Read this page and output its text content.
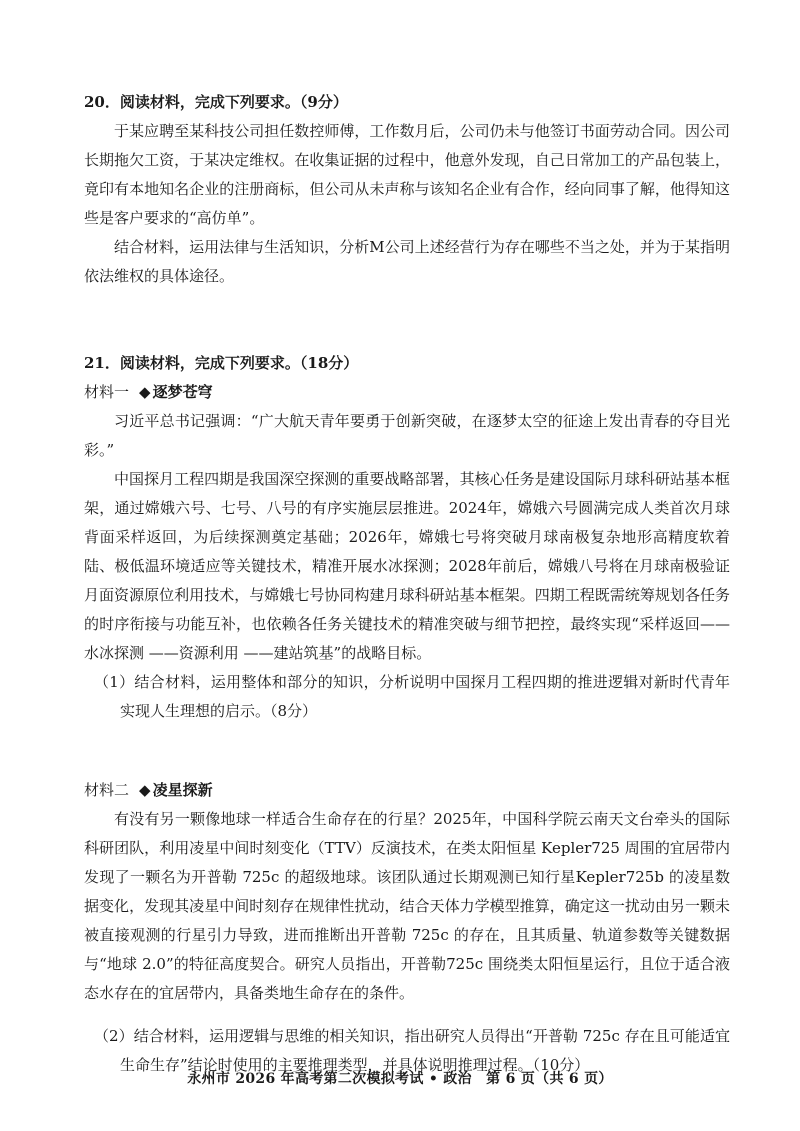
20．阅读材料，完成下列要求。（9分）

于某应聘至某科技公司担任数控师傅，工作数月后，公司仍未与他签订书面劳动合同。因公司长期拖欠工资，于某决定维权。在收集证据的过程中，他意外发现，自己日常加工的产品包装上，竟印有本地知名企业的注册商标，但公司从未声称与该知名企业有合作，经向同事了解，他得知这些是客户要求的“高仿单”。

结合材料，运用法律与生活知识，分析M公司上述经营行为存在哪些不当之处，并为于某指明依法维权的具体途径。

21．阅读材料，完成下列要求。（18分）

材料一 ◆ 逐梦苍穹

习近平总书记强调：“广大航天青年要勇于创新突破，在逐梦太空的征途上发出青春的夺目光彩。”

中国探月工程四期是我国深空探测的重要战略部署，其核心任务是建设国际月球科研站基本框架，通过嫦娥六号、七号、八号的有序实施层层推进。2024年，嫦娥六号圆满完成人类首次月球背面采样返回，为后续探测奠定基础；2026年，嫦娥七号将突破月球南极复杂地形高精度软着陆、极低温环境适应等关键技术，精准开展水冰探测；2028年前后，嫦娥八号将在月球南极验证月面资源原位利用技术，与嫦娥七号协同构建月球科研站基本框架。四期工程既需统筹规划各任务的时序衔接与功能互补，也依赖各任务关键技术的精准突破与细节把控，最终实现“采样返回——水冰探测 ——资源利用 ——建站筑基”的战略目标。

（1）结合材料，运用整体和部分的知识，分析说明中国探月工程四期的推进逻辑对新时代青年实现人生理想的启示。（8分）

材料二 ◆ 凌星探新

有没有另一颗像地球一样适合生命存在的行星？2025年，中国科学院云南天文台牵头的国际科研团队，利用凌星中间时刻变化（TTV）反演技术，在类太阳恒星 Kepler725 周围的宜居带内发现了一颗名为开普勒 725c 的超级地球。该团队通过长期观测已知行星Kepler725b 的凌星数据变化，发现其凌星中间时刻存在规律性扰动，结合天体力学模型推算，确定这一扰动由另一颗未被直接观测的行星引力导致，进而推断出开普勒 725c 的存在，且其质量、轨道参数等关键数据与“地球 2.0”的特征高度契合。研究人员指出，开普勒725c 围绕类太阳恒星运行，且位于适合液态水存在的宜居带内，具备类地生命存在的条件。

（2）结合材料，运用逻辑与思维的相关知识，指出研究人员得出“开普勒 725c 存在且可能适宜生命生存”结论时使用的主要推理类型，并具体说明推理过程。（10分）

永州市 2026 年高考第二次模拟考试 • 政治　第 6 页（共 6 页）
